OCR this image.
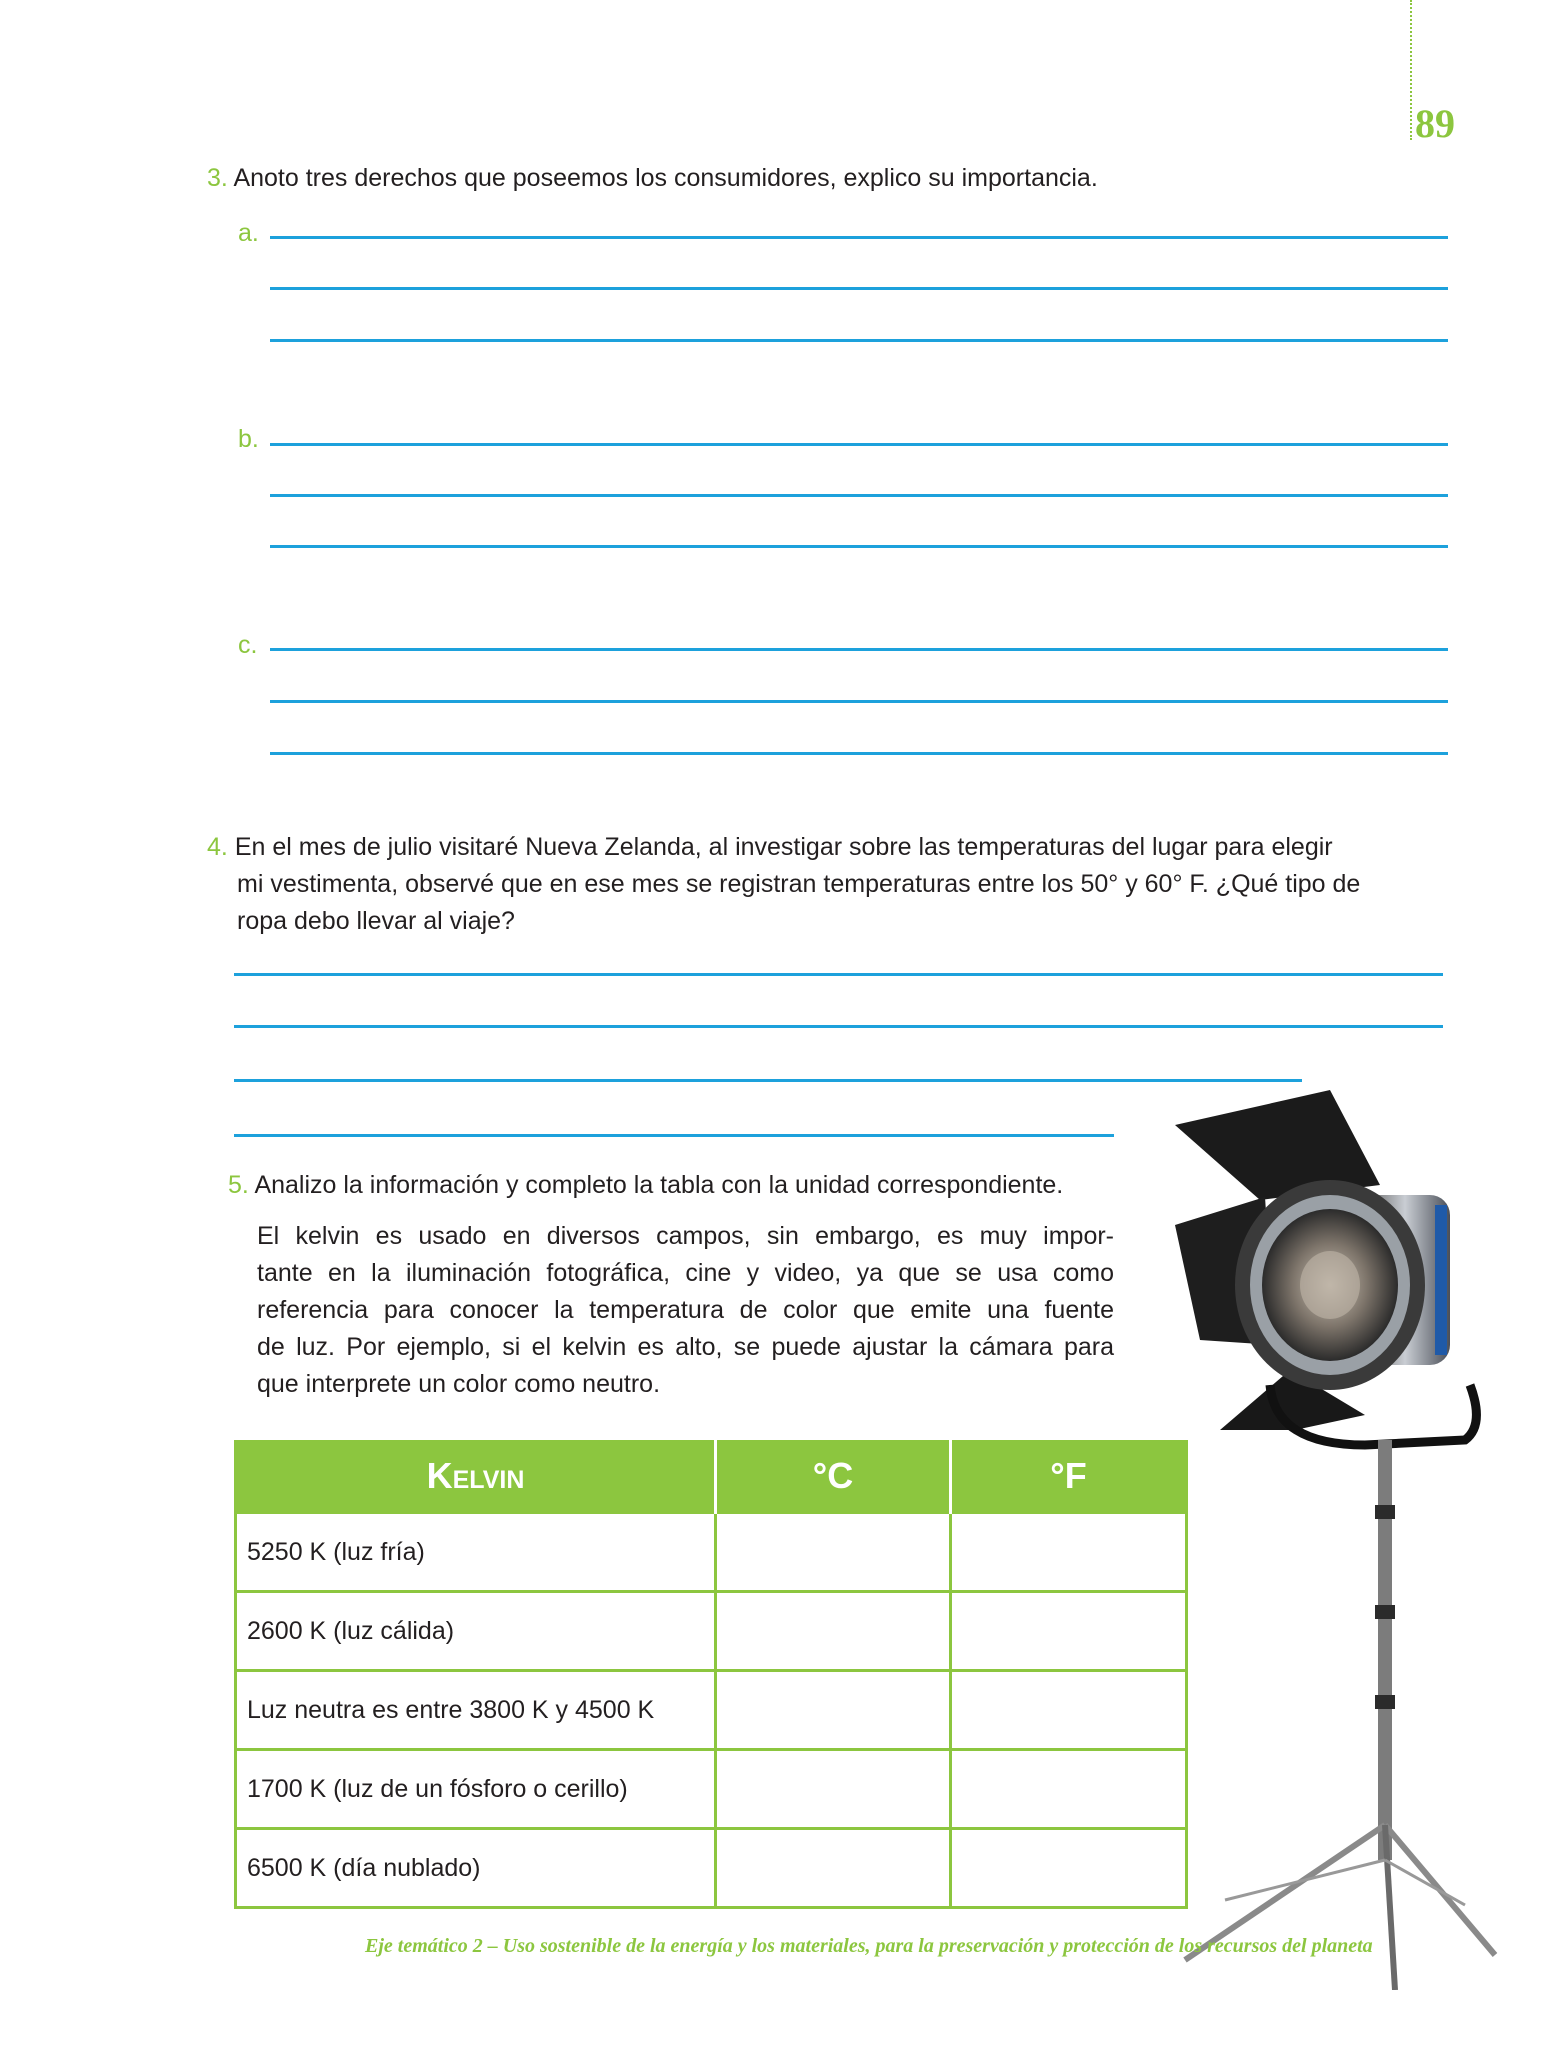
89
3. Anoto tres derechos que poseemos los consumidores, explico su importancia.
a.
b.
c.
4. En el mes de julio visitaré Nueva Zelanda, al investigar sobre las temperaturas del lugar para elegir
mi vestimenta, observé que en ese mes se registran temperaturas entre los 50° y 60° F. ¿Qué tipo de
ropa debo llevar al viaje?
5. Analizo la información y completo la tabla con la unidad correspondiente.
El kelvin es usado en diversos campos, sin embargo, es muy impor-
tante en la iluminación fotográfica, cine y video, ya que se usa como
referencia para conocer la temperatura de color que emite una fuente
de luz. Por ejemplo, si el kelvin es alto, se puede ajustar la cámara para
que interprete un color como neutro.
Kelvin	°C	°F
5250 K (luz fría)		
2600 K (luz cálida)		
Luz neutra es entre 3800 K y 4500 K		
1700 K (luz de un fósforo o cerillo)		
6500 K (día nublado)		
Eje temático 2 – Uso sostenible de la energía y los materiales, para la preservación y protección de los recursos del planeta
